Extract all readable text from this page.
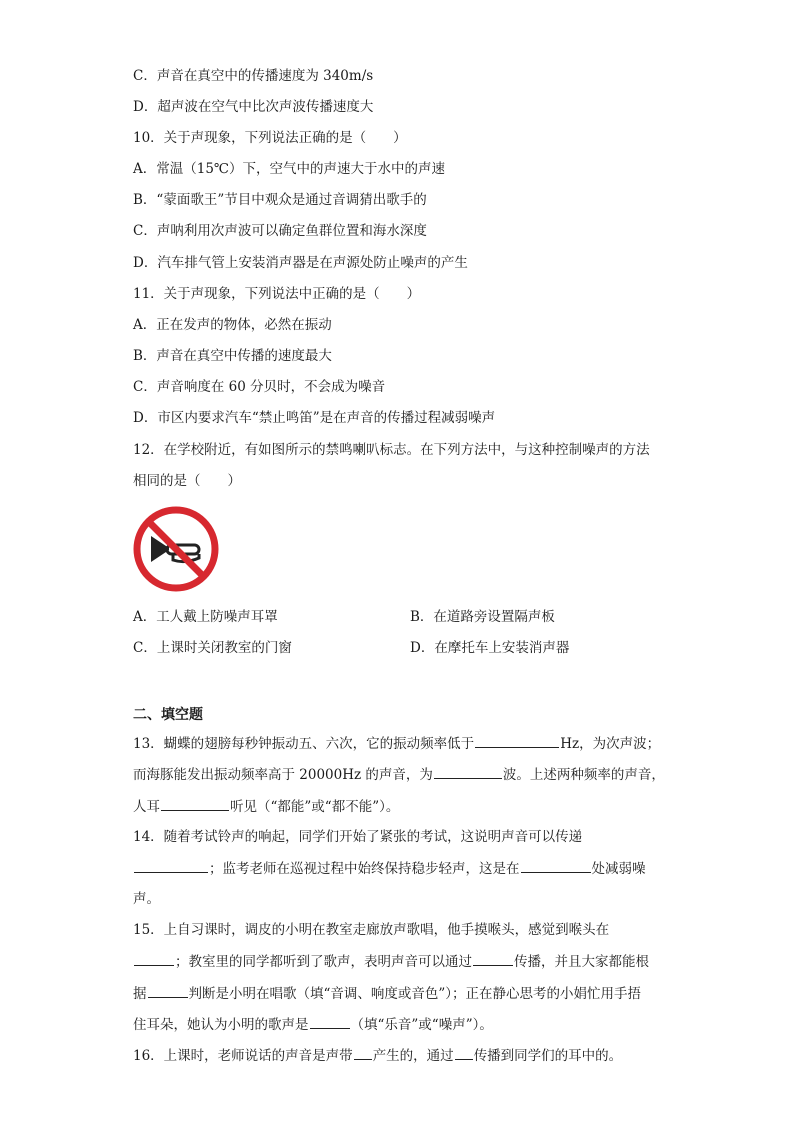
C．声音在真空中的传播速度为 340m/s
D．超声波在空气中比次声波传播速度大
10．关于声现象，下列说法正确的是（　　）
A．常温（15℃）下，空气中的声速大于水中的声速
B．“蒙面歌王”节目中观众是通过音调猜出歌手的
C．声呐利用次声波可以确定鱼群位置和海水深度
D．汽车排气管上安装消声器是在声源处防止噪声的产生
11．关于声现象，下列说法中正确的是（　　）
A．正在发声的物体，必然在振动
B．声音在真空中传播的速度最大
C．声音响度在 60 分贝时，不会成为噪音
D．市区内要求汽车“禁止鸣笛”是在声音的传播过程减弱噪声
12．在学校附近，有如图所示的禁鸣喇叭标志。在下列方法中，与这种控制噪声的方法
相同的是（　　）
A．工人戴上防噪声耳罩	B．在道路旁设置隔声板
C．上课时关闭教室的门窗	D．在摩托车上安装消声器
二、填空题
13．蝴蝶的翅膀每秒钟振动五、六次，它的振动频率低于	Hz，为次声波；
而海豚能发出振动频率高于 20000Hz 的声音，为	波。上述两种频率的声音，
人耳	听见（“都能”或“都不能”）。
14．随着考试铃声的响起，同学们开始了紧张的考试，这说明声音可以传递
；监考老师在巡视过程中始终保持稳步轻声，这是在	处减弱噪
声。
15．上自习课时，调皮的小明在教室走廊放声歌唱，他手摸喉头，感觉到喉头在
；教室里的同学都听到了歌声，表明声音可以通过	传播，并且大家都能根
据	判断是小明在唱歌（填“音调、响度或音色”）；正在静心思考的小娟忙用手捂
住耳朵，她认为小明的歌声是	（填“乐音”或“噪声”）。
16．上课时，老师说话的声音是声带 产生的，通过 传播到同学们的耳中的。
